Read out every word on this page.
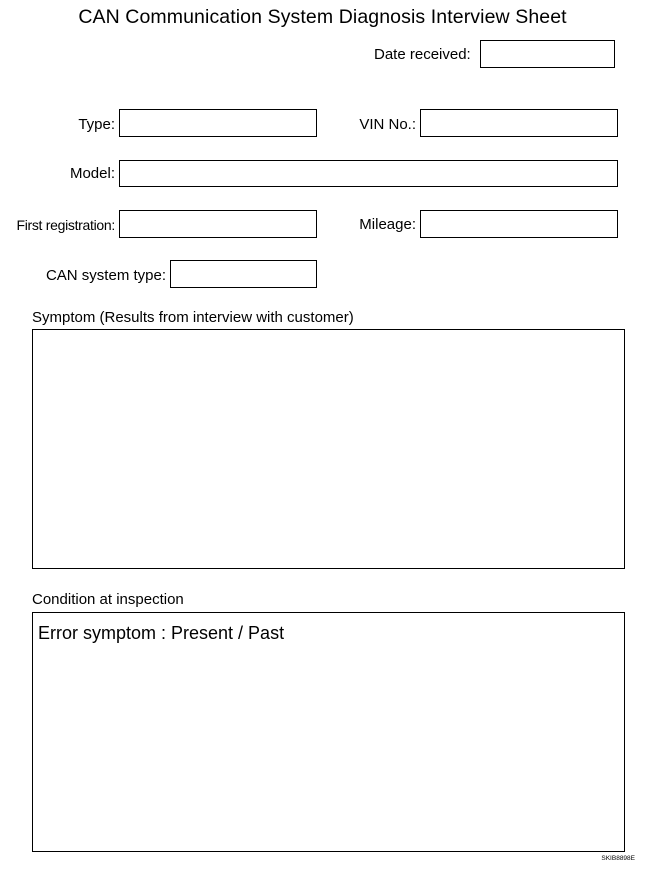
CAN Communication System Diagnosis Interview Sheet
Date received:
Type:	VIN No.:
Model:
First registration:	Mileage:
CAN system type:
Symptom (Results from interview with customer)
Condition at inspection
Error symptom : Present / Past
SKIB8898E
